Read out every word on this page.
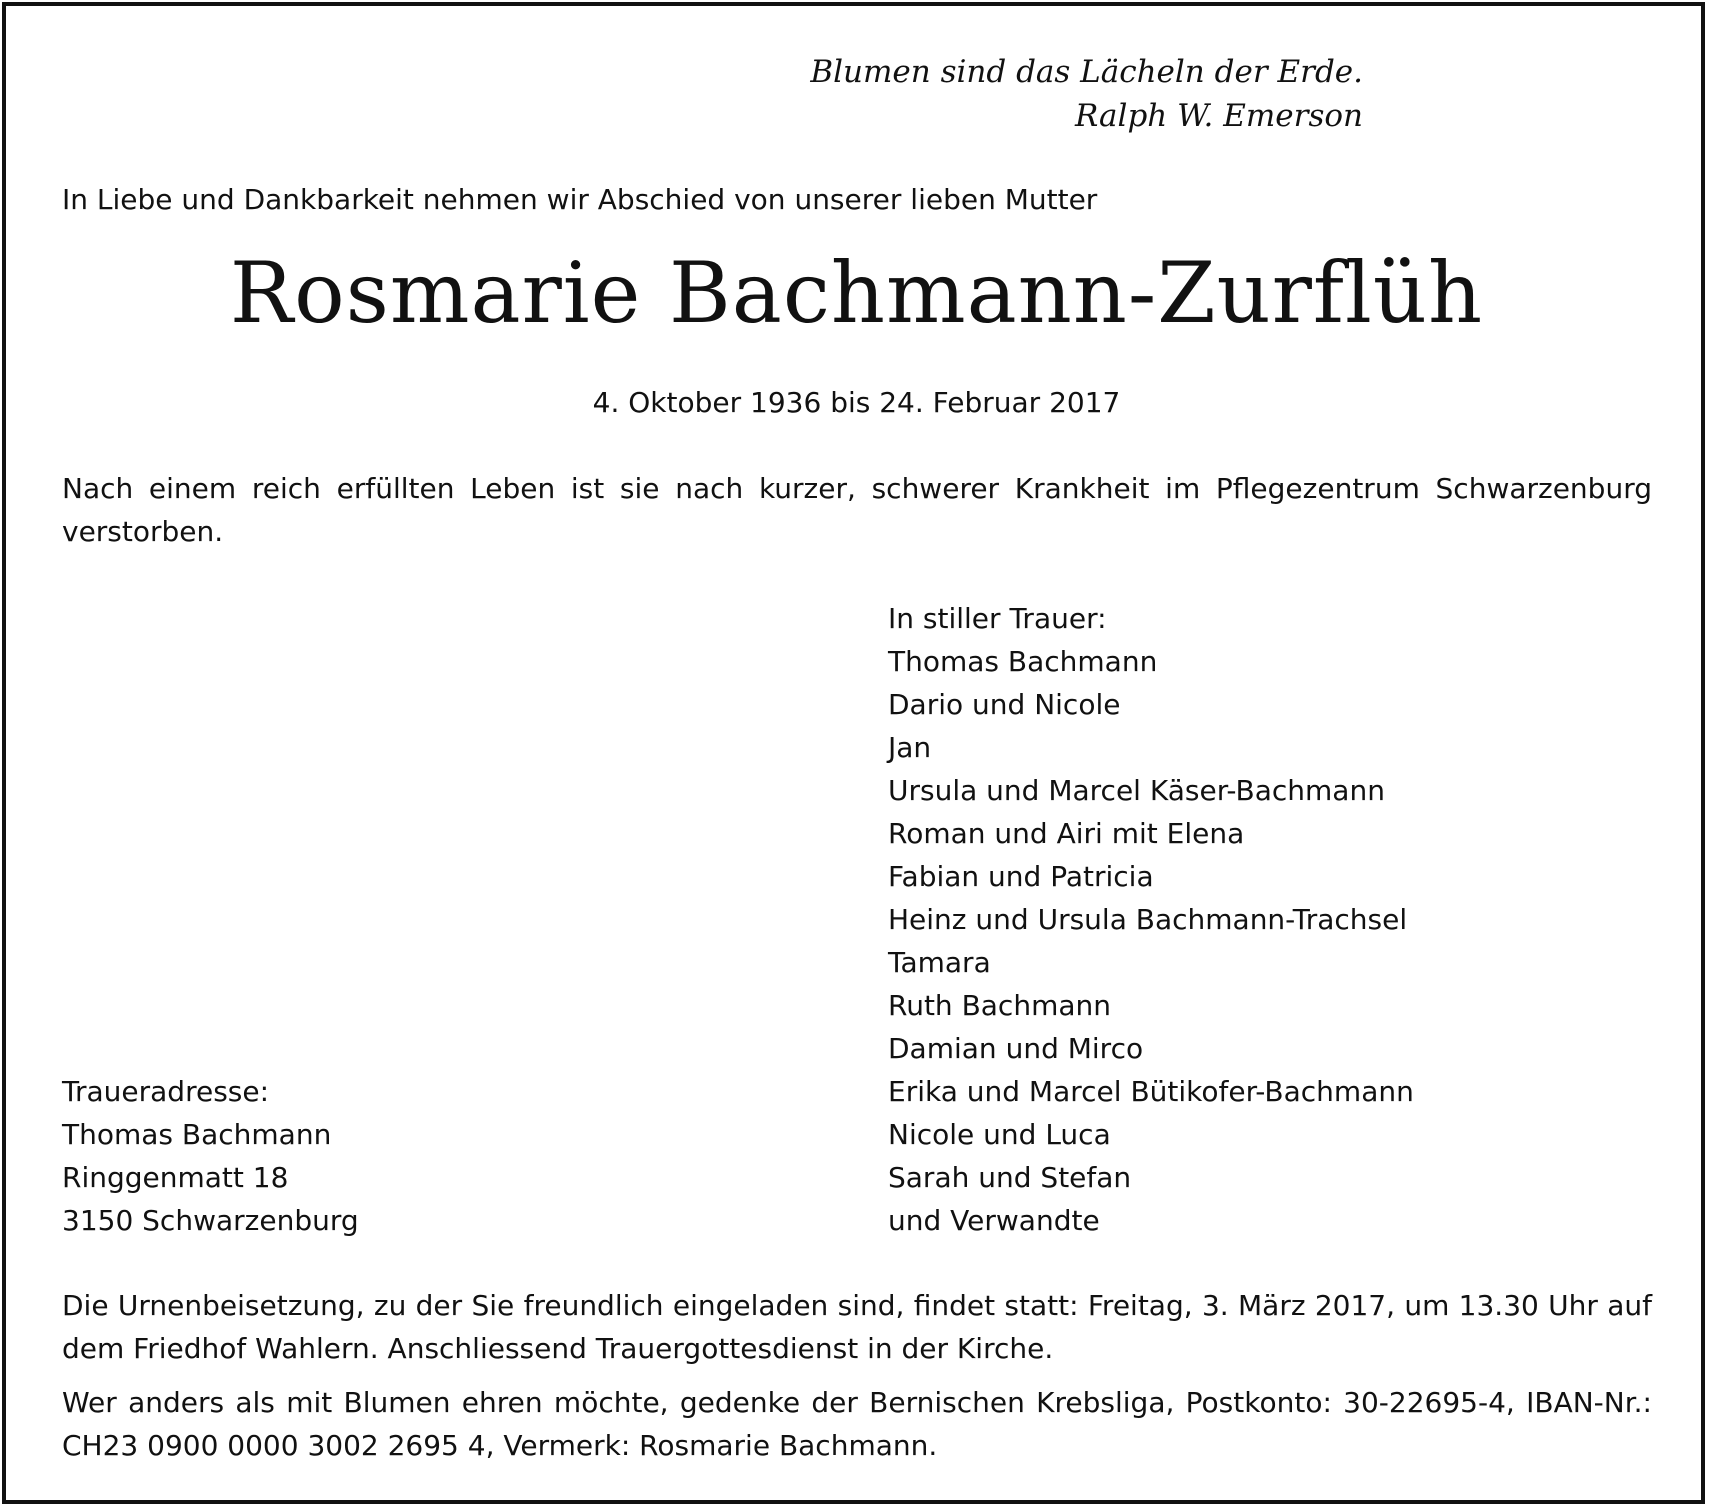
Blumen sind das Lächeln der Erde.
Ralph W. Emerson
In Liebe und Dankbarkeit nehmen wir Abschied von unserer lieben Mutter
Rosmarie Bachmann-Zurflüh
4. Oktober 1936 bis 24. Februar 2017
Nach einem reich erfüllten Leben ist sie nach kurzer, schwerer Krankheit im Pflegezentrum Schwarzenburg verstorben.
In stiller Trauer:
Thomas Bachmann
Dario und Nicole
Jan
Ursula und Marcel Käser-Bachmann
Roman und Airi mit Elena
Fabian und Patricia
Heinz und Ursula Bachmann-Trachsel
Tamara
Ruth Bachmann
Damian und Mirco
Erika und Marcel Bütikofer-Bachmann
Nicole und Luca
Sarah und Stefan
und Verwandte
Traueradresse:
Thomas Bachmann
Ringgenmatt 18
3150 Schwarzenburg
Die Urnenbeisetzung, zu der Sie freundlich eingeladen sind, findet statt: Freitag, 3. März 2017, um 13.30 Uhr auf dem Friedhof Wahlern. Anschliessend Trauergottesdienst in der Kirche.
Wer anders als mit Blumen ehren möchte, gedenke der Bernischen Krebsliga, Postkonto: 30-22695-4, IBAN-Nr.: CH23 0900 0000 3002 2695 4, Vermerk: Rosmarie Bachmann.
